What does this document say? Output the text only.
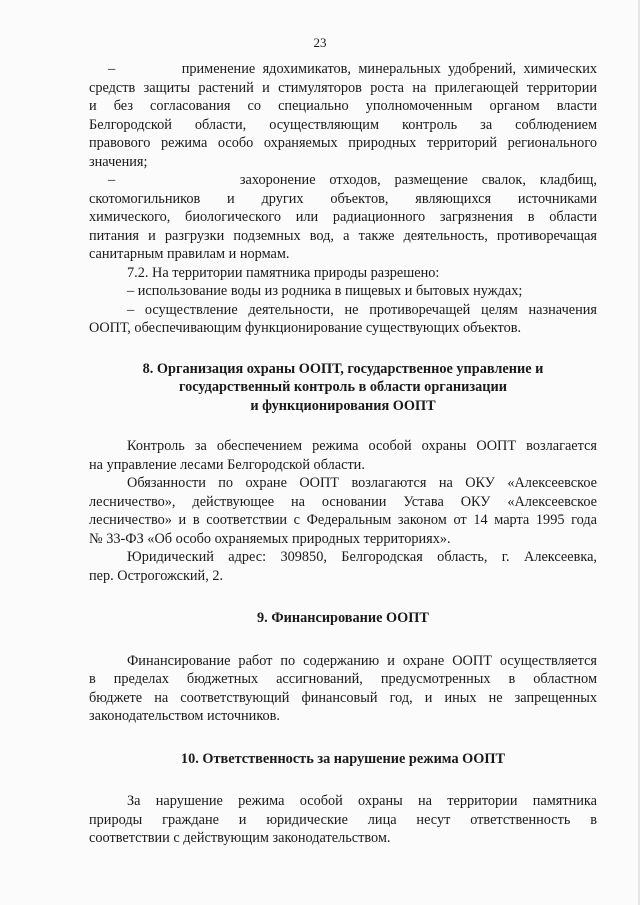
23

–         применение ядохимикатов, минеральных удобрений, химических

средств защиты растений и стимуляторов роста на прилегающей территории

и без согласования со специально уполномоченным органом власти

Белгородской области, осуществляющим контроль за соблюдением

правового режима особо охраняемых природных территорий регионального

значения;

–         захоронение отходов, размещение свалок, кладбищ,

скотомогильников и других объектов, являющихся источниками

химического, биологического или радиационного загрязнения в области

питания и разгрузки подземных вод, а также деятельность, противоречащая

санитарным правилам и нормам.

7.2. На территории памятника природы разрешено:

– использование воды из родника в пищевых и бытовых нуждах;

– осуществление деятельности, не противоречащей целям назначения

ООПТ, обеспечивающим функционирование существующих объектов.

8. Организация охраны ООПТ, государственное управление и
государственный контроль в области организации
и функционирования ООПТ

Контроль за обеспечением режима особой охраны ООПТ возлагается

на управление лесами Белгородской области.

Обязанности по охране ООПТ возлагаются на ОКУ «Алексеевское

лесничество», действующее на основании Устава ОКУ «Алексеевское

лесничество» и в соответствии с Федеральным законом от 14 марта 1995 года

№ 33-ФЗ «Об особо охраняемых природных территориях».

Юридический адрес: 309850, Белгородская область, г. Алексеевка,

пер. Острогожский, 2.

9. Финансирование ООПТ

Финансирование работ по содержанию и охране ООПТ осуществляется

в пределах бюджетных ассигнований, предусмотренных в областном

бюджете на соответствующий финансовый год, и иных не запрещенных

законодательством источников.

10. Ответственность за нарушение режима ООПТ

За нарушение режима особой охраны на территории памятника

природы граждане и юридические лица несут ответственность в

соответствии с действующим законодательством.
